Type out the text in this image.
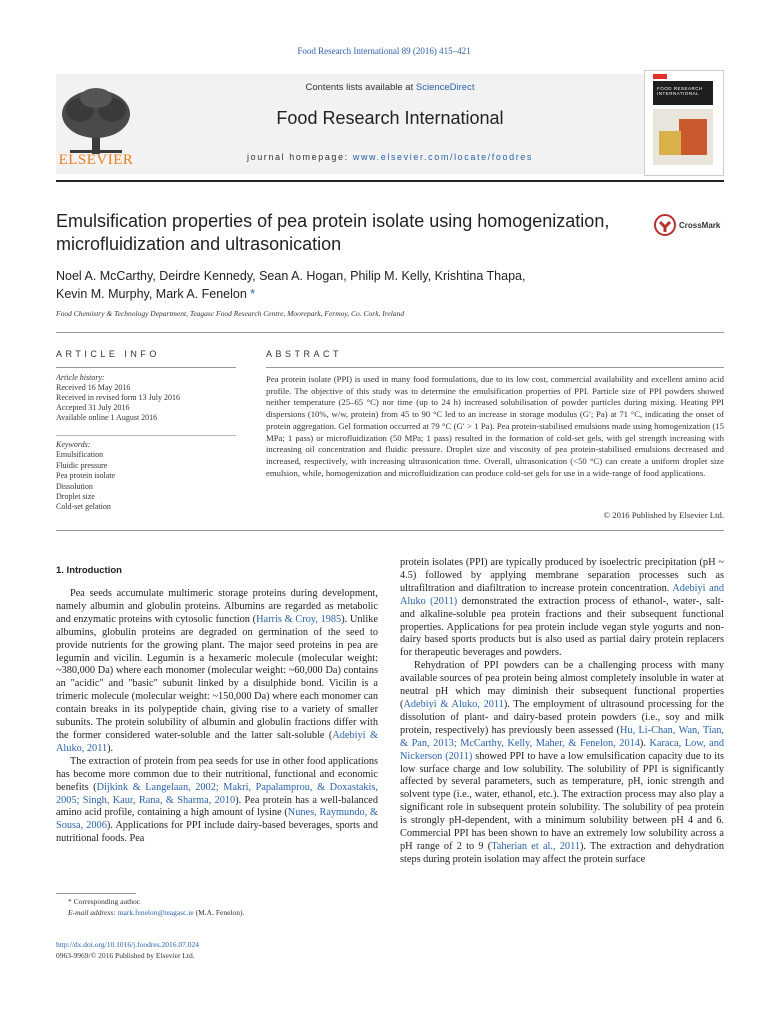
Food Research International 89 (2016) 415–421
ELSEVIER
Contents lists available at ScienceDirect
Food Research International
journal homepage: www.elsevier.com/locate/foodres
FOOD RESEARCH INTERNATIONAL
Emulsification properties of pea protein isolate using homogenization, microfluidization and ultrasonication
CrossMark
Noel A. McCarthy, Deirdre Kennedy, Sean A. Hogan, Philip M. Kelly, Krishtina Thapa,
Kevin M. Murphy, Mark A. Fenelon *
Food Chemistry & Technology Department, Teagasc Food Research Centre, Moorepark, Fermoy, Co. Cork, Ireland
ARTICLE INFO	ABSTRACT
Article history:
Received 16 May 2016
Received in revised form 13 July 2016
Accepted 31 July 2016
Available online 1 August 2016
Keywords:
Emulsification
Fluidic pressure
Pea protein isolate
Dissolution
Droplet size
Cold-set gelation
Pea protein isolate (PPI) is used in many food formulations, due to its low cost, commercial availability and excellent amino acid profile. The objective of this study was to determine the emulsification properties of PPI. Particle size of PPI powders showed neither temperature (25–65 °C) nor time (up to 24 h) increased solubilisation of powder particles during mixing. Heating PPI dispersions (10%, w/w, protein) from 45 to 90 °C led to an increase in storage modulus (G′; Pa) at 71 °C, indicating the onset of protein aggregation. Gel formation occurred at 79 °C (G′ > 1 Pa). Pea protein-stabilised emulsions made using homogenization (15 MPa; 1 pass) or microfluidization (50 MPa; 1 pass) resulted in the formation of cold-set gels, with gel strength increasing with increasing oil concentration and fluidic pressure. Droplet size and viscosity of pea protein-stabilised emulsions decreased and increased, respectively, with increasing ultrasonication time. Overall, ultrasonication (<50 °C) can create a uniform droplet size emulsion, while, homogenization and microfluidization can produce cold-set gels for use in a wide-range of food applications.
© 2016 Published by Elsevier Ltd.
1. Introduction

Pea seeds accumulate multimeric storage proteins during development, namely albumin and globulin proteins. Albumins are regarded as metabolic and enzymatic proteins with cytosolic function (Harris & Croy, 1985). Unlike albumins, globulin proteins are degraded on germination of the seed to provide nutrients for the growing plant. The major seed proteins in pea are legumin and vicilin. Legumin is a hexameric molecule (molecular weight: ~380,000 Da) where each monomer (molecular weight: ~60,000 Da) contains an "acidic" and "basic" subunit linked by a disulphide bond. Vicilin is a trimeric molecule (molecular weight: ~150,000 Da) where each monomer can contain breaks in its polypeptide chain, giving rise to a variety of smaller subunits. The protein solubility of albumin and globulin fractions differ with the former considered water-soluble and the latter salt-soluble (Adebiyi & Aluko, 2011).

The extraction of protein from pea seeds for use in other food applications has become more common due to their nutritional, functional and economic benefits (Dijkink & Langelaan, 2002; Makri, Papalamprou, & Doxastakis, 2005; Singh, Kaur, Rana, & Sharma, 2010). Pea protein has a well-balanced amino acid profile, containing a high amount of lysine (Nunes, Raymundo, & Sousa, 2006). Applications for PPI include dairy-based beverages, sports and nutritional foods. Pea

protein isolates (PPI) are typically produced by isoelectric precipitation (pH ~ 4.5) followed by applying membrane separation processes such as ultrafiltration and diafiltration to increase protein concentration. Adebiyi and Aluko (2011) demonstrated the extraction process of ethanol-, water-, salt- and alkaline-soluble pea protein fractions and their subsequent functional properties. Applications for pea protein include vegan style yogurts and non-dairy based sports products but is also used as partial dairy protein replacers for therapeutic beverages and powders.

Rehydration of PPI powders can be a challenging process with many available sources of pea protein being almost completely insoluble in water at neutral pH which may diminish their subsequent functional properties (Adebiyi & Aluko, 2011). The employment of ultrasound processing for the dissolution of plant- and dairy-based protein powders (i.e., soy and milk protein, respectively) has previously been assessed (Hu, Li-Chan, Wan, Tian, & Pan, 2013; McCarthy, Kelly, Maher, & Fenelon, 2014). Karaca, Low, and Nickerson (2011) showed PPI to have a low emulsification capacity due to its low surface charge and low solubility. The solubility of PPI is significantly affected by several parameters, such as temperature, pH, ionic strength and solvent type (i.e., water, ethanol, etc.). The extraction process may also play a significant role in subsequent protein solubility. The solubility of pea protein is strongly pH-dependent, with a minimum solubility between pH 4 and 6. Commercial PPI has been shown to have an extremely low solubility across a pH range of 2 to 9 (Taherian et al., 2011). The extraction and dehydration steps during protein isolation may affect the protein surface

* Corresponding author.
E-mail address: mark.fenelon@teagasc.ie (M.A. Fenelon).
http://dx.doi.org/10.1016/j.foodres.2016.07.024
0963-9969/© 2016 Published by Elsevier Ltd.
